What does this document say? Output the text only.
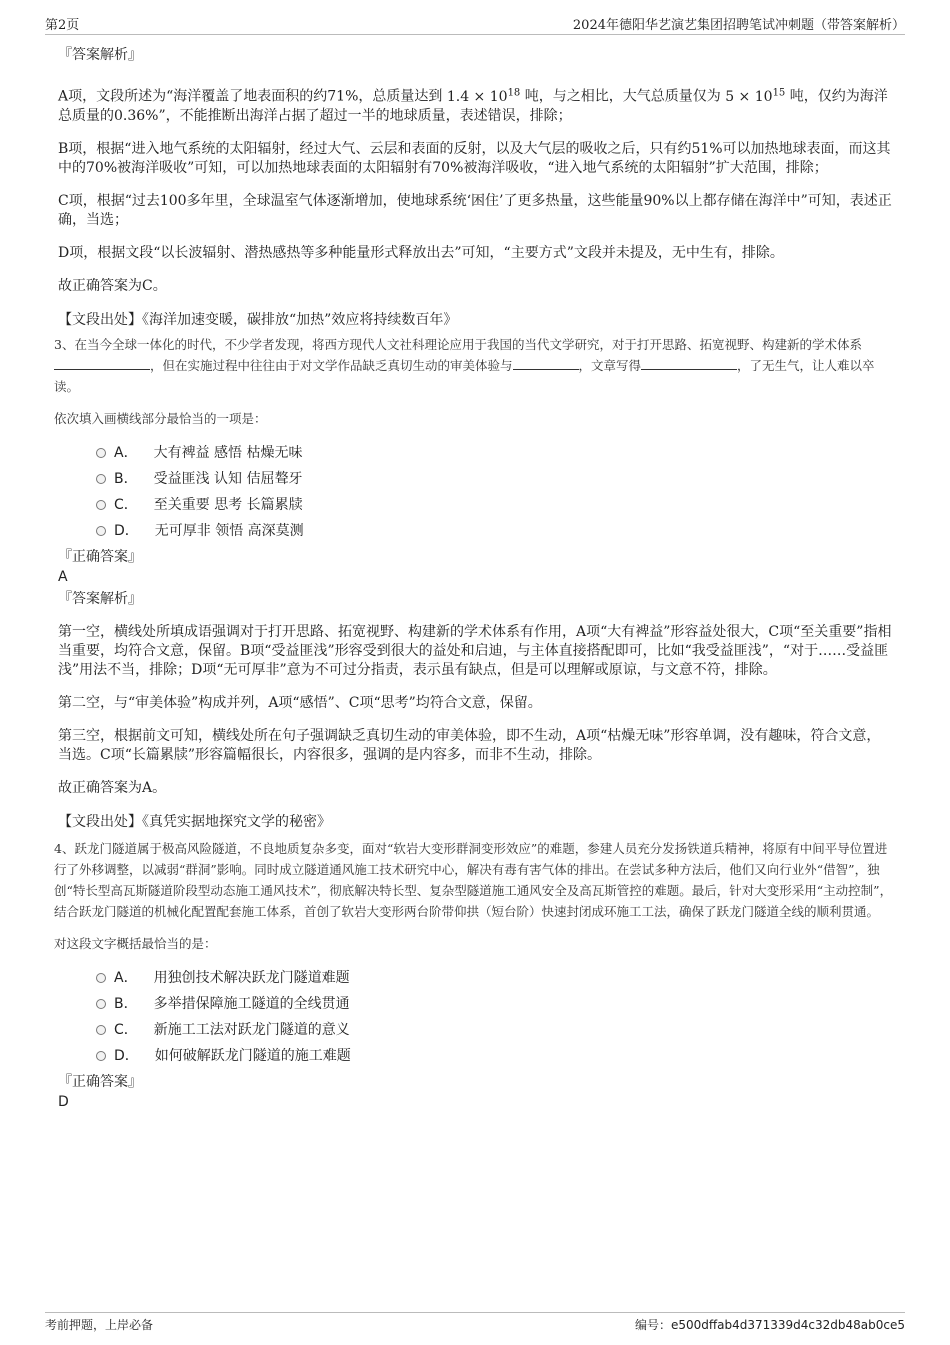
第2页	2024年德阳华艺演艺集团招聘笔试冲刺题（带答案解析）

『答案解析』

A项，文段所述为“海洋覆盖了地表面积的约71%，总质量达到 $1.4 \times 10^{18}$ 吨，与之相比，大气总质量仅为 $5 \times 10^{15}$ 吨，仅约为海洋总质量的0.36%”，不能推断出海洋占据了超过一半的地球质量，表述错误，排除；

B项，根据“进入地气系统的太阳辐射，经过大气、云层和表面的反射，以及大气层的吸收之后，只有约51%可以加热地球表面，而这其中的70%被海洋吸收”可知，可以加热地球表面的太阳辐射有70%被海洋吸收，“进入地气系统的太阳辐射”扩大范围，排除；

C项，根据“过去100多年里，全球温室气体逐渐增加，使地球系统‘困住’了更多热量，这些能量90%以上都存储在海洋中”可知，表述正确，当选；

D项，根据文段“以长波辐射、潜热感热等多种能量形式释放出去”可知，“主要方式”文段并未提及，无中生有，排除。

故正确答案为C。

【文段出处】《海洋加速变暖，碳排放“加热”效应将持续数百年》

3、在当今全球一体化的时代，不少学者发现，将西方现代人文社科理论应用于我国的当代文学研究，对于打开思路、拓宽视野、构建新的学术体系，但在实施过程中往往由于对文学作品缺乏真切生动的审美体验与	，文章写得	，了无生气，让人难以卒读。

依次填入画横线部分最恰当的一项是：

A． 大有裨益 感悟 枯燥无味
B． 受益匪浅 认知 佶屈聱牙
C． 至关重要 思考 长篇累牍
D． 无可厚非 领悟 高深莫测

『正确答案』

A

『答案解析』

第一空，横线处所填成语强调对于打开思路、拓宽视野、构建新的学术体系有作用，A项“大有裨益”形容益处很大，C项“至关重要”指相当重要，均符合文意，保留。B项“受益匪浅”形容受到很大的益处和启迪，与主体直接搭配即可，比如“我受益匪浅”，“对于……受益匪浅”用法不当，排除；D项“无可厚非”意为不可过分指责，表示虽有缺点，但是可以理解或原谅，与文意不符，排除。

第二空，与“审美体验”构成并列，A项“感悟”、C项“思考”均符合文意，保留。

第三空，根据前文可知，横线处所在句子强调缺乏真切生动的审美体验，即不生动，A项“枯燥无味”形容单调，没有趣味，符合文意，当选。C项“长篇累牍”形容篇幅很长，内容很多，强调的是内容多，而非不生动，排除。

故正确答案为A。

【文段出处】《真凭实据地探究文学的秘密》

4、跃龙门隧道属于极高风险隧道，不良地质复杂多变，面对“软岩大变形群洞变形效应”的难题，参建人员充分发扬铁道兵精神，将原有中间平导位置进行了外移调整，以减弱“群洞”影响。同时成立隧道通风施工技术研究中心，解决有毒有害气体的排出。在尝试多种方法后，他们又向行业外“借智”，独创“特长型高瓦斯隧道阶段型动态施工通风技术”，彻底解决特长型、复杂型隧道施工通风安全及高瓦斯管控的难题。最后，针对大变形采用“主动控制”，结合跃龙门隧道的机械化配置配套施工体系，首创了软岩大变形两台阶带仰拱（短台阶）快速封闭成环施工工法，确保了跃龙门隧道全线的顺利贯通。

对这段文字概括最恰当的是：

A． 用独创技术解决跃龙门隧道难题
B． 多举措保障施工隧道的全线贯通
C． 新施工工法对跃龙门隧道的意义
D． 如何破解跃龙门隧道的施工难题

『正确答案』

D

考前押题，上岸必备	编号：e500dffab4d371339d4c32db48ab0ce5
